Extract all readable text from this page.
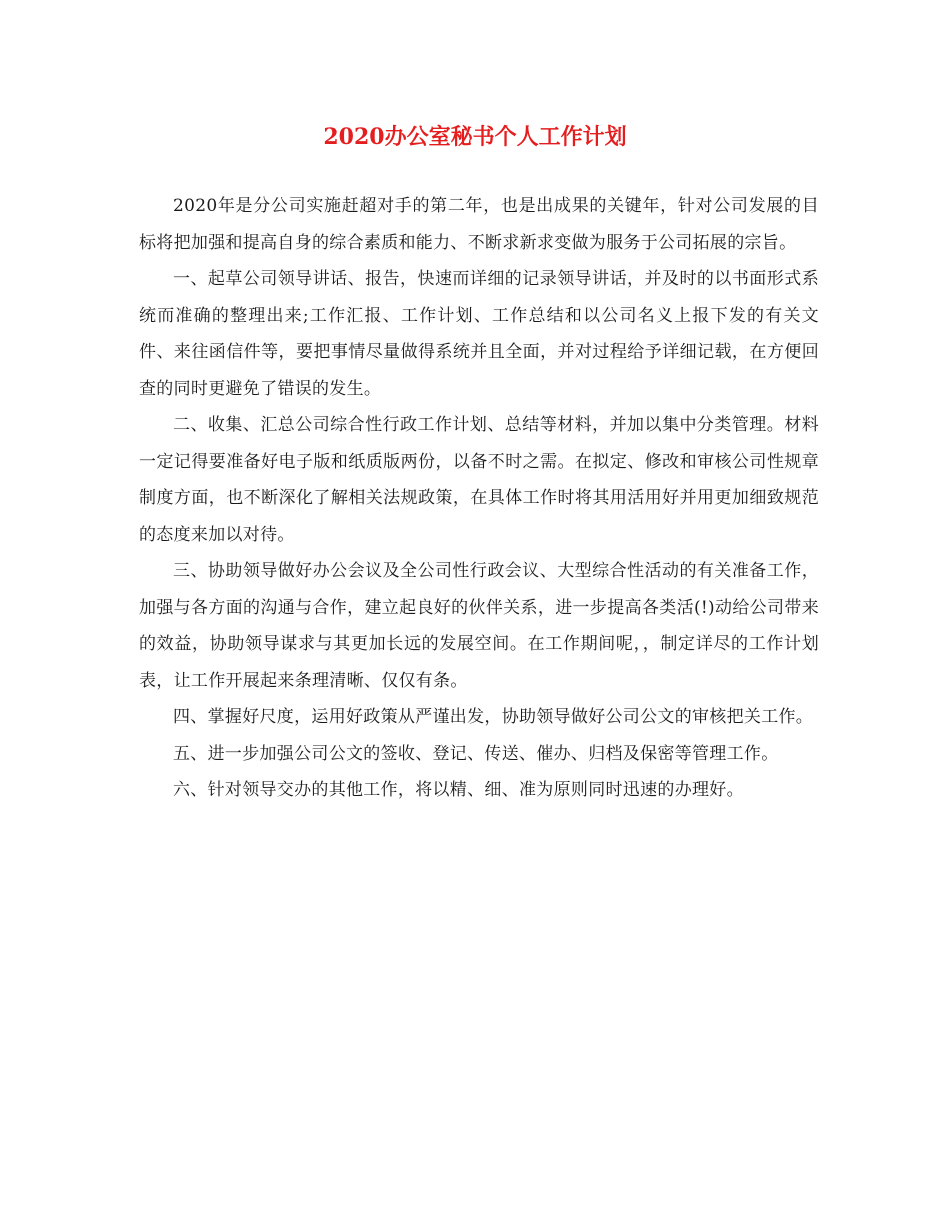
2020办公室秘书个人工作计划

2020年是分公司实施赶超对手的第二年，也是出成果的关键年，针对公司发展的目标将把加强和提高自身的综合素质和能力、不断求新求变做为服务于公司拓展的宗旨。

一、起草公司领导讲话、报告，快速而详细的记录领导讲话，并及时的以书面形式系统而准确的整理出来;工作汇报、工作计划、工作总结和以公司名义上报下发的有关文件、来往函信件等，要把事情尽量做得系统并且全面，并对过程给予详细记载，在方便回查的同时更避免了错误的发生。

二、收集、汇总公司综合性行政工作计划、总结等材料，并加以集中分类管理。材料一定记得要准备好电子版和纸质版两份，以备不时之需。在拟定、修改和审核公司性规章制度方面，也不断深化了解相关法规政策，在具体工作时将其用活用好并用更加细致规范的态度来加以对待。

三、协助领导做好办公会议及全公司性行政会议、大型综合性活动的有关准备工作，加强与各方面的沟通与合作，建立起良好的伙伴关系，进一步提高各类活(!)动给公司带来的效益，协助领导谋求与其更加长远的发展空间。在工作期间呢，，制定详尽的工作计划表，让工作开展起来条理清晰、仅仅有条。

四、掌握好尺度，运用好政策从严谨出发，协助领导做好公司公文的审核把关工作。

五、进一步加强公司公文的签收、登记、传送、催办、归档及保密等管理工作。

六、针对领导交办的其他工作，将以精、细、准为原则同时迅速的办理好。
